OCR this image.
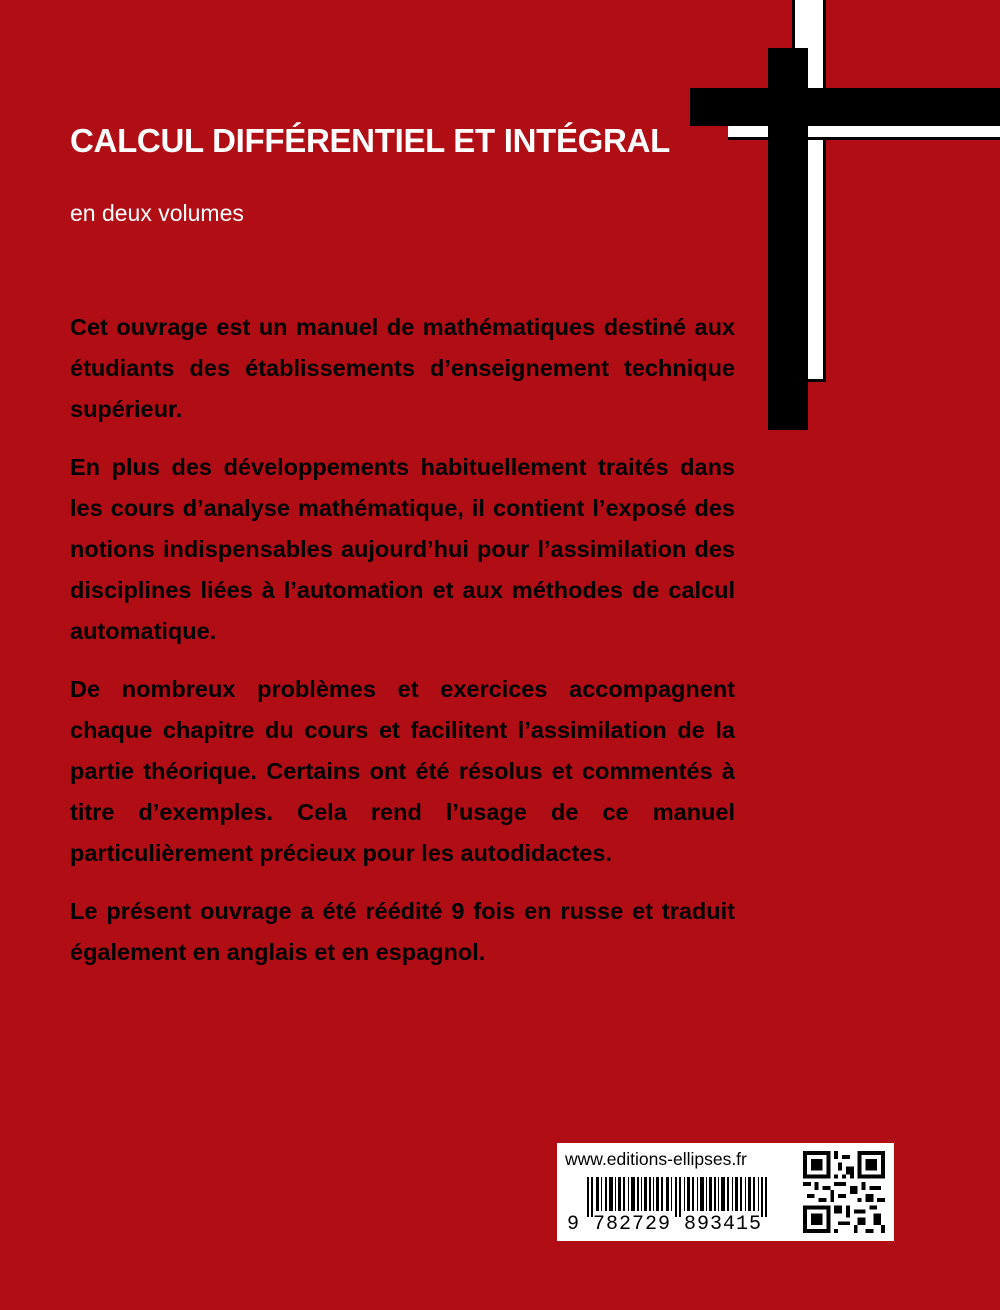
CALCUL DIFFÉRENTIEL ET INTÉGRAL

en deux volumes

Cet ouvrage est un manuel de mathématiques destiné aux étudiants des établissements d’enseignement technique supérieur.

En plus des développements habituellement traités dans les cours d’analyse mathématique, il contient l’exposé des notions indispensables aujourd’hui pour l’assimilation des disciplines liées à l’automation et aux méthodes de calcul automatique.

De nombreux problèmes et exercices accompagnent chaque chapitre du cours et facilitent l’assimilation de la partie théorique. Certains ont été résolus et commentés à titre d’exemples. Cela rend l’usage de ce manuel particulièrement précieux pour les autodidactes.

Le présent ouvrage a été réédité 9 fois en russe et traduit également en anglais et en espagnol.

www.editions-ellipses.fr
9 782729 893415
